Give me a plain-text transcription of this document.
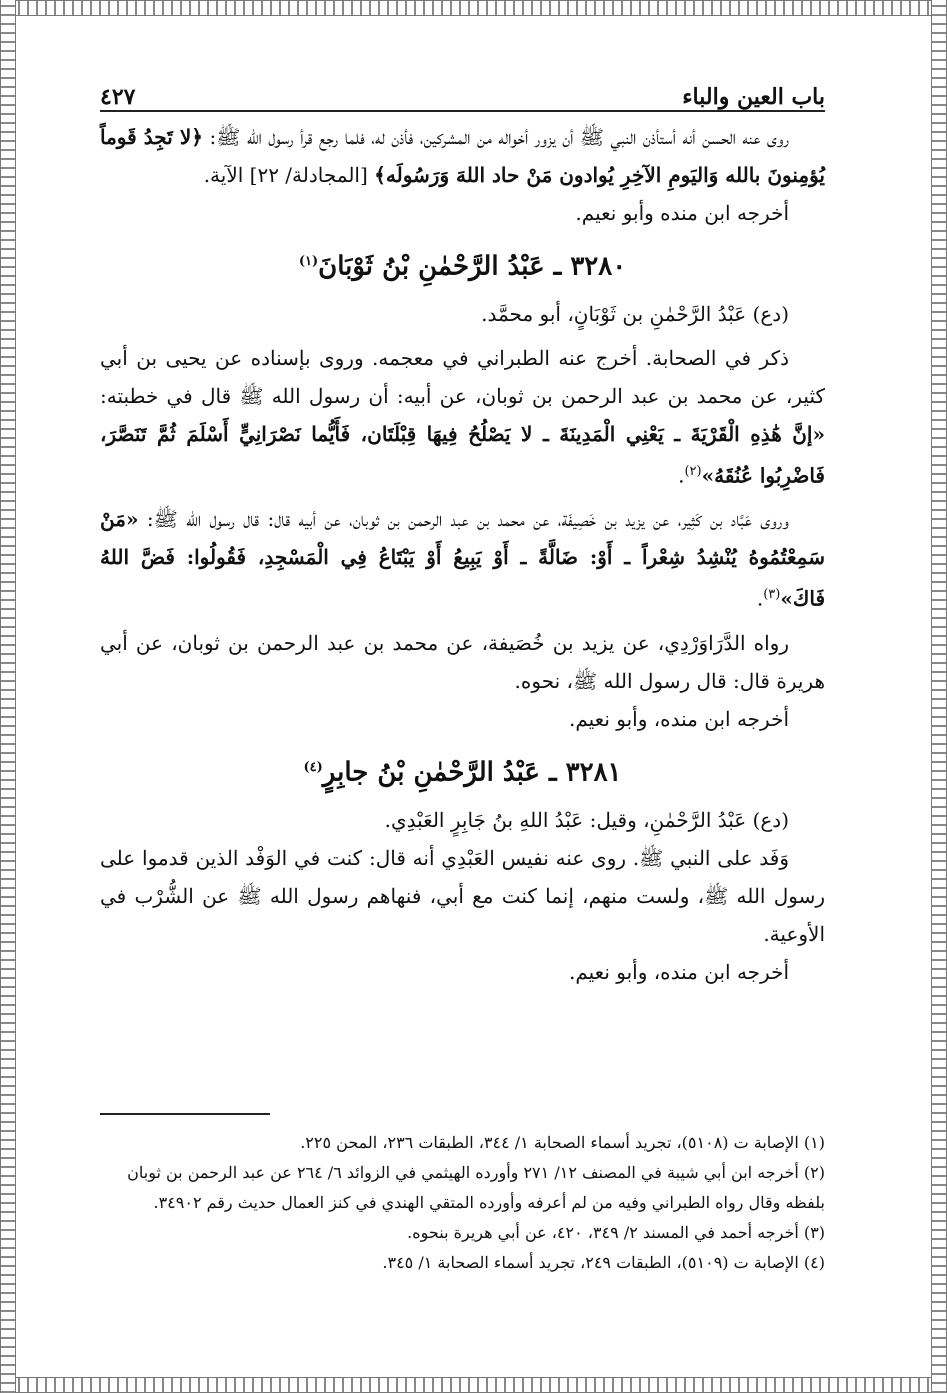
باب العين والباء
٤٢٧

روى عنه الحسن أنه أستأذن النبي ﷺ أن يزور أخواله من المشركين، فأذن له، فلما رجع قرأ رسول الله ﷺ: ﴿لا تَجِدُ قَوماً يُؤمِنونَ بالله وَاليَومِ الآخِرِ يُوادون مَنْ حاد اللهَ وَرَسُولَه﴾ [المجادلة/ ٢٢] الآية.

أخرجه ابن منده وأبو نعيم.

٣٢٨٠ ـ عَبْدُ الرَّحْمٰنِ بْنُ ثَوْبَانَ$^{(١)}$

(دع) عَبْدُ الرَّحْمٰنِ بن ثَوْبَانٍ، أبو محمَّد.

ذكر في الصحابة. أخرج عنه الطبراني في معجمه. وروى بإسناده عن يحيى بن أبي كثير، عن محمد بن عبد الرحمن بن ثوبان، عن أبيه: أن رسول الله ﷺ قال في خطبته: «إنَّ هَٰذِهِ الْقَرْيَةَ ـ يَعْنِي الْمَدِينَةَ ـ لا يَصْلُحُ فِيهَا قِبْلَتَان، فَأَيُّما نَصْرَانِيٍّ أَسْلَمَ ثُمَّ تَنَصَّرَ، فَاضْرِبُوا عُنُقَهُ»$^{(٢)}$.

وروى عَبَّاد بن كَثِير، عن يزيد بن خَصِيفَة، عن محمد بن عبد الرحمن بن ثوبان، عن أبيه قال: قال رسول الله ﷺ: «مَنْ سَمِعْتُمُوهُ يُنْشِدُ شِعْراً ـ أَوْ: ضَالَّةً ـ أَوْ يَبِيعُ أَوْ يَبْتَاعُ فِي الْمَسْجِدِ، فَقُولُوا: فَضَّ اللهُ فَاكَ»$^{(٣)}$.

رواه الدَّرَاوَرْدِي، عن يزيد بن خُصَيفة، عن محمد بن عبد الرحمن بن ثوبان، عن أبي هريرة قال: قال رسول الله ﷺ، نحوه.

أخرجه ابن منده، وأبو نعيم.

٣٢٨١ ـ عَبْدُ الرَّحْمٰنِ بْنُ جابِرٍ$^{(٤)}$

(دع) عَبْدُ الرَّحْمٰنِ، وقيل: عَبْدُ اللهِ بنُ جَابِرٍ العَبْدِي.

وَفَد على النبي ﷺ. روى عنه نفيس العَبْدِي أنه قال: كنت في الوَفْد الذين قدموا على رسول الله ﷺ، ولست منهم، إنما كنت مع أبي، فنهاهم رسول الله ﷺ عن الشُّرْب في الأوعية.

أخرجه ابن منده، وأبو نعيم.

(١) الإصابة ت (٥١٠٨)، تجريد أسماء الصحابة ١/ ٣٤٤، الطبقات ٢٣٦، المحن ٢٢٥.

(٢) أخرجه ابن أبي شيبة في المصنف ١٢/ ٢٧١ وأورده الهيثمي في الزوائد ٦/ ٢٦٤ عن عبد الرحمن بن ثوبان بلفظه وقال رواه الطبراني وفيه من لم أعرفه وأورده المتقي الهندي في كنز العمال حديث رقم ٣٤٩٠٢.

(٣) أخرجه أحمد في المسند ٢/ ٣٤٩، ٤٢٠، عن أبي هريرة بنحوه.

(٤) الإصابة ت (٥١٠٩)، الطبقات ٢٤٩، تجريد أسماء الصحابة ١/ ٣٤٥.
